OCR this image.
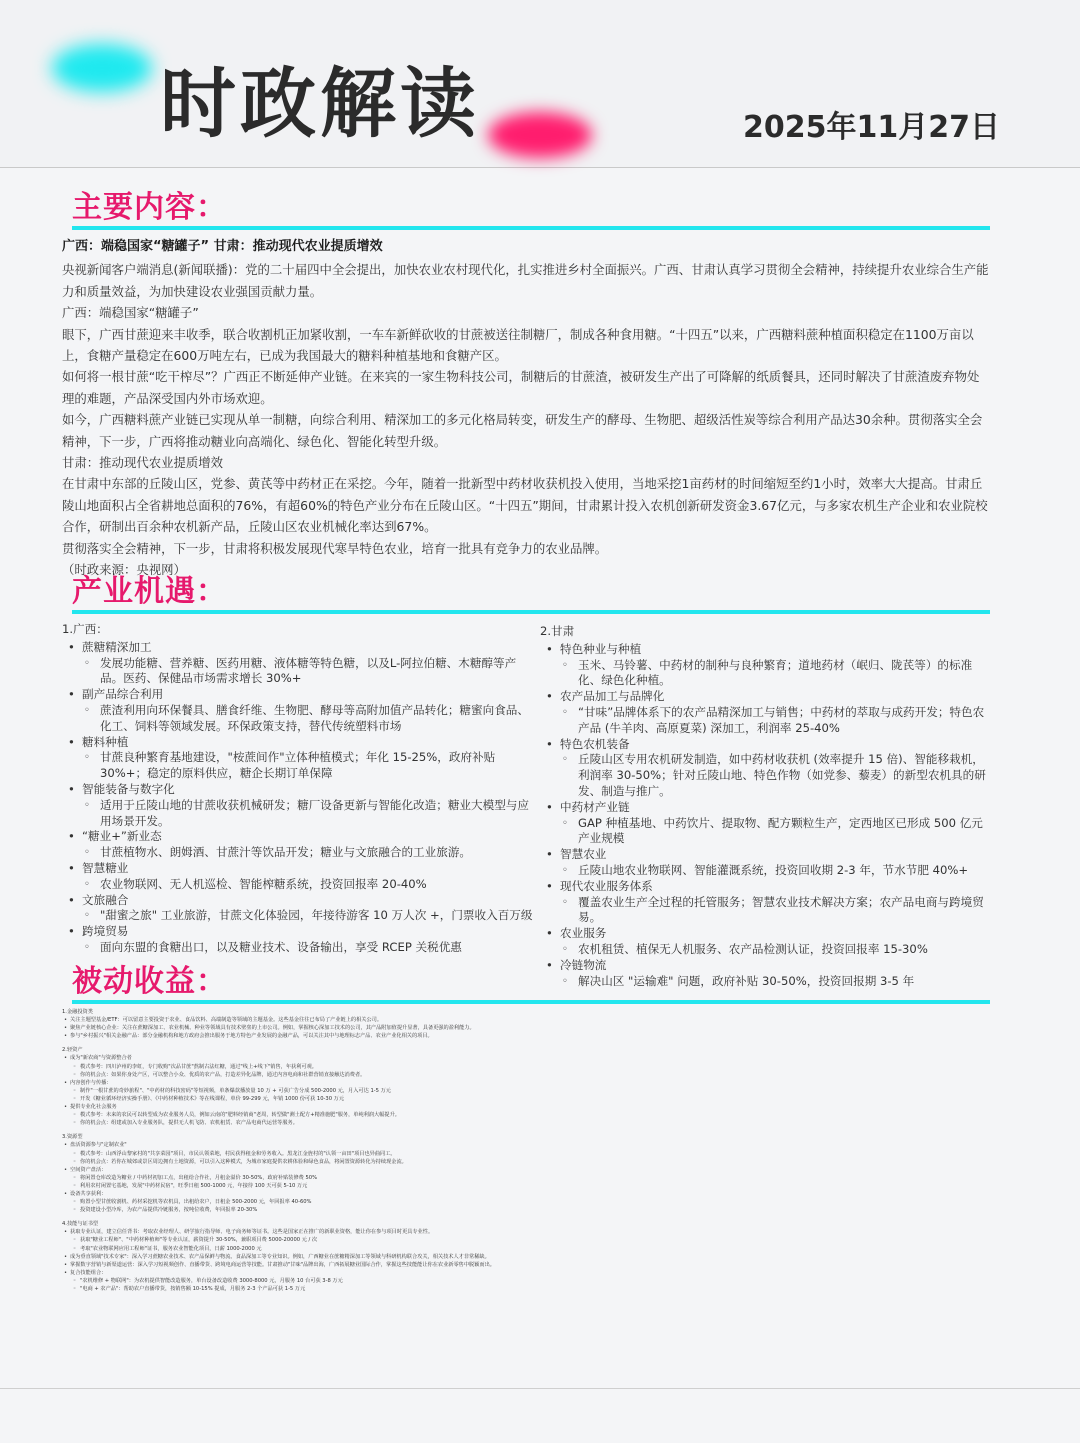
时政解读	2025年11月27日
主要内容：
广西：端稳国家“糖罐子” 甘肃：推动现代农业提质增效

央视新闻客户端消息(新闻联播)：党的二十届四中全会提出，加快农业农村现代化，扎实推进乡村全面振兴。广西、甘肃认真学习贯彻全会精神，持续提升农业综合生产能力和质量效益，为加快建设农业强国贡献力量。

广西：端稳国家“糖罐子”

眼下，广西甘蔗迎来丰收季，联合收割机正加紧收割，一车车新鲜砍收的甘蔗被送往制糖厂，制成各种食用糖。“十四五”以来，广西糖料蔗种植面积稳定在1100万亩以上，食糖产量稳定在600万吨左右，已成为我国最大的糖料种植基地和食糖产区。

如何将一根甘蔗“吃干榨尽”？广西正不断延伸产业链。在来宾的一家生物科技公司，制糖后的甘蔗渣，被研发生产出了可降解的纸质餐具，还同时解决了甘蔗渣废弃物处理的难题，产品深受国内外市场欢迎。

如今，广西糖料蔗产业链已实现从单一制糖，向综合利用、精深加工的多元化格局转变，研发生产的酵母、生物肥、超级活性炭等综合利用产品达30余种。贯彻落实全会精神，下一步，广西将推动糖业向高端化、绿色化、智能化转型升级。

甘肃：推动现代农业提质增效

在甘肃中东部的丘陵山区，党参、黄芪等中药材正在采挖。今年，随着一批新型中药材收获机投入使用，当地采挖1亩药材的时间缩短至约1小时，效率大大提高。甘肃丘陵山地面积占全省耕地总面积的76%，有超60%的特色产业分布在丘陵山区。“十四五”期间，甘肃累计投入农机创新研发资金3.67亿元，与多家农机生产企业和农业院校合作，研制出百余种农机新产品，丘陵山区农业机械化率达到67%。

贯彻落实全会精神，下一步，甘肃将积极发展现代寒旱特色农业，培育一批具有竞争力的农业品牌。

（时政来源：央视网）

产业机遇：
1.广西：
• 蔗糖精深加工
◦ 发展功能糖、营养糖、医药用糖、液体糖等特色糖，以及L-阿拉伯糖、木糖醇等产品。医药、保健品市场需求增长 30%+
• 副产品综合利用
◦ 蔗渣利用向环保餐具、膳食纤维、生物肥、酵母等高附加值产品转化；糖蜜向食品、化工、饲料等领域发展。环保政策支持，替代传统塑料市场
• 糖料种植
◦ 甘蔗良种繁育基地建设，"桉蔗间作"立体种植模式；年化 15-25%，政府补贴 30%+；稳定的原料供应，糖企长期订单保障
• 智能装备与数字化
◦ 适用于丘陵山地的甘蔗收获机械研发；糖厂设备更新与智能化改造；糖业大模型与应用场景开发。
• “糖业+”新业态
◦ 甘蔗植物水、朗姆酒、甘蔗汁等饮品开发；糖业与文旅融合的工业旅游。
• 智慧糖业
◦ 农业物联网、无人机巡检、智能榨糖系统，投资回报率 20-40%
• 文旅融合
◦ "甜蜜之旅" 工业旅游，甘蔗文化体验园，年接待游客 10 万人次 +，门票收入百万级
• 跨境贸易
◦ 面向东盟的食糖出口，以及糖业技术、设备输出，享受 RCEP 关税优惠
2.甘肃
• 特色种业与种植
◦ 玉米、马铃薯、中药材的制种与良种繁育；道地药材（岷归、陇芪等）的标准化、绿色化种植。
• 农产品加工与品牌化
◦ “甘味”品牌体系下的农产品精深加工与销售；中药材的萃取与成药开发；特色农产品 (牛羊肉、高原夏菜) 深加工，利润率 25-40%
• 特色农机装备
◦ 丘陵山区专用农机研发制造，如中药材收获机 (效率提升 15 倍)、智能移栽机，利润率 30-50%；针对丘陵山地、特色作物（如党参、藜麦）的新型农机具的研发、制造与推广。
• 中药材产业链
◦ GAP 种植基地、中药饮片、提取物、配方颗粒生产，定西地区已形成 500 亿元产业规模
• 智慧农业
◦ 丘陵山地农业物联网、智能灌溉系统，投资回收期 2-3 年，节水节肥 40%+
• 现代农业服务体系
◦ 覆盖农业生产全过程的托管服务；智慧农业技术解决方案；农产品电商与跨境贸易。
• 农业服务
◦ 农机租赁、植保无人机服务、农产品检测认证，投资回报率 15-30%
• 冷链物流
◦ 解决山区 "运输难" 问题，政府补贴 30-50%，投资回报期 3-5 年
被动收益：
1.金融投资类
• 关注主题型基金/ETF：可以留意主要投资于农业、食品饮料、高端制造等领域的主题基金。这些基金往往已布局了产业链上的相关公司。
• 聚焦产业链核心企业：关注在蔗糖深加工、农业机械、种业等领域具有技术壁垒的上市公司。例如，掌握核心深加工技术的公司，其产品附加值提升显著，具备更强的盈利能力。
• 参与"乡村振兴"相关金融产品：部分金融机构和地方政府会推出服务于地方特色产业发展的金融产品，可以关注其中与地理标志产品、农业产业化相关的项目。
2.轻资产
• 成为"新农商"与资源整合者
◦ 模式参考：四川泸州的李虹，专门收购"次品甘蔗"熬制古法红糖，通过"线上+线下"销售，年获利可观。
◦ 你的机会点：如果你身处产区，可以整合小众、优质的农产品，打造差异化品牌，通过内容电商和社群营销直接触达消费者。
• 内容创作与传播：
◦ 制作"一根甘蔗的奇妙旅程"、"中药材的科技密码"等短视频，单条爆款播放量 10 万 + 可获广告分成 500-2000 元，月入可达 1-5 万元
◦ 开发《糖业循环经济实操手册》、《中药材种植技术》等在线课程，单价 99-299 元，年销 1000 份可获 10-30 万元
• 提供专业化社会服务
◦ 模式参考：未来的农民可以转型成为农业服务人员，例如云南的"肥料经销商"老周，转型做"测土配方+精准施肥"服务，单纯利润大幅提升。
◦ 你的机会点：组建或加入专业服务队，提供无人机飞防、农机租赁、农产品电商代运营等服务。
3.资源型
• 盘活资源参与"定制农业"
◦ 模式参考：山西浮山黎家村的"共享菜园"项目，市民认领菜地，村民获得租金和劳务收入。黑龙江金旌村的"认领一亩田"项目也异曲同工。
◦ 你的机会点：若你在城郊或景区周边拥有土地资源，可以引入这种模式，为城市家庭提供农耕体验和绿色食品，将闲置资源转化为持续现金流。
• 空间资产盘活：
◦ 将闲置仓库改造为糖业 / 中药材初加工点，出租给合作社，月租金溢价 30-50%，政府补贴装修费 50%
◦ 利用农村闲置宅基地，发展"中药材民宿"，旺季日租 500-1000 元，年接待 100 天可获 5-10 万元
• 设备共享获利：
◦ 购置小型甘蔗收割机、药材采挖机等农机具，出租给农户，日租金 500-2000 元，年回报率 40-60%
◦ 投资建设小型冷库，为农产品提供冷链服务，按吨位收费，年回报率 20-30%
4.技能与证书型
• 获取专业认证，建立信任背书：考取农业经理人、研学旅行指导师、电子商务师等证书。这些是国家正在推广的新职业资格，能让你在参与项目时更具专业性。
◦ 获取"糖业工程师"、"中药材种植师"等专业认证，薪资提升 30-50%，兼职项目费 5000-20000 元 / 次
◦ 考取"农业物联网应用工程师"证书，服务农业智能化项目，日薪 1000-2000 元
• 成为垂直领域"技术专家"：深入学习蔗糖农业技术、农产品保鲜与物流、食品深加工等专业知识。例如，广西糖业在蔗糖精深加工等领域与科研机构联合攻关，相关技术人才非常稀缺。
• 掌握数字营销与新渠道运营：深入学习短视频创作、直播带货、跨境电商运营等技能。甘肃推动"甘味"品牌出海，广西拓展糖业国际合作，掌握这些技能能让你在农业新零售中脱颖而出。
• 复合技能组合：
◦ "农机维修 + 物联网"：为农机提供智能改造服务，单台设备改造收费 3000-8000 元，月服务 10 台可获 3-8 万元
◦ "电商 + 农产品"：帮助农户直播带货，按销售额 10-15% 提成，月服务 2-3 个产品可获 1-5 万元
